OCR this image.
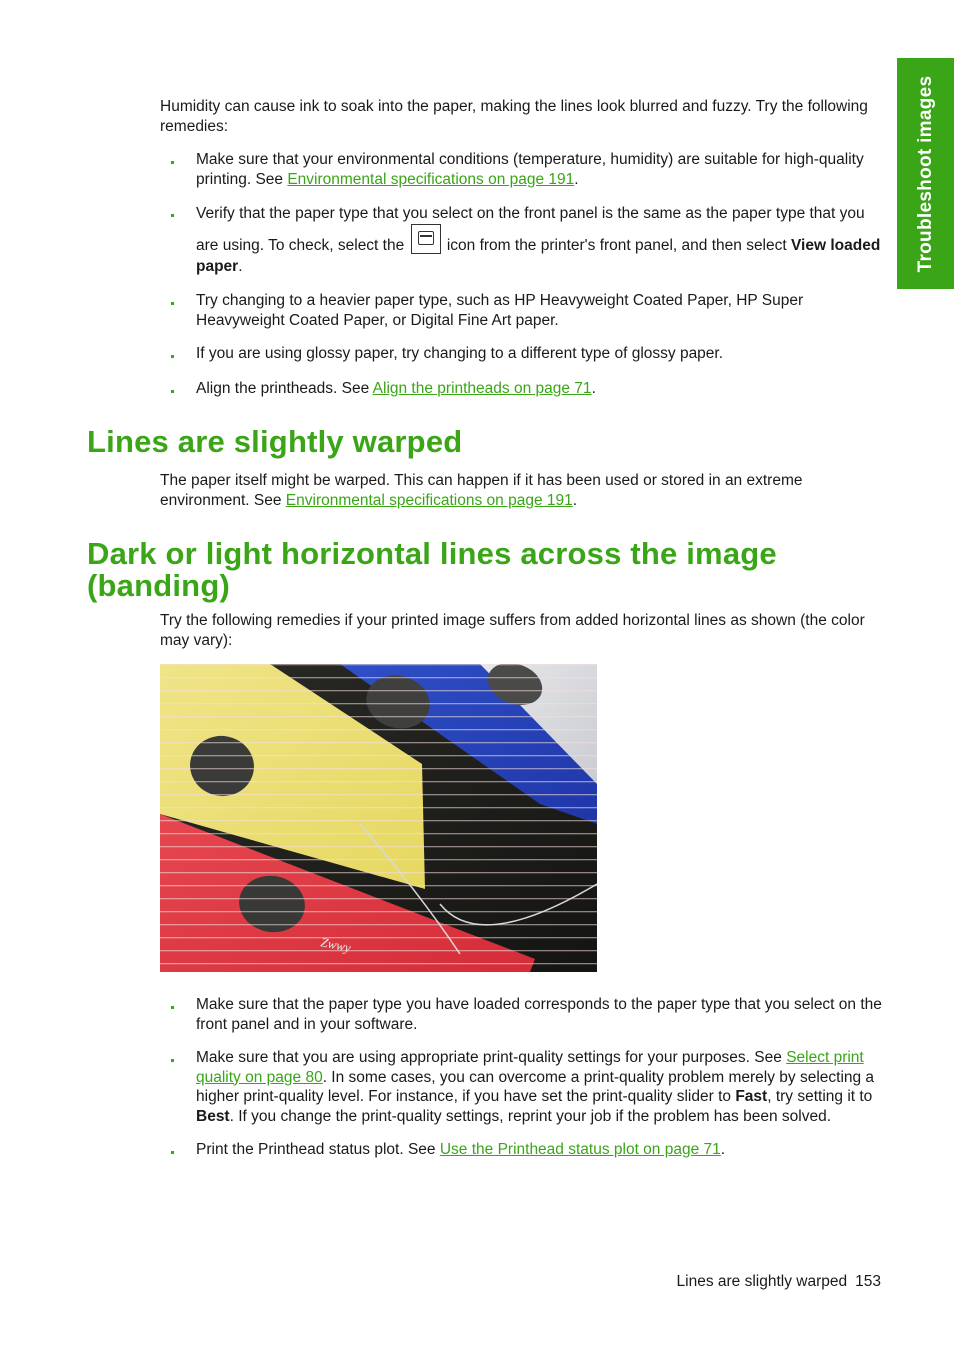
Troubleshoot images
Humidity can cause ink to soak into the paper, making the lines look blurred and fuzzy. Try the following remedies:
Make sure that your environmental conditions (temperature, humidity) are suitable for high-quality printing. See Environmental specifications on page 191.
Verify that the paper type that you select on the front panel is the same as the paper type that you are using. To check, select the  icon from the printer's front panel, and then select View loaded paper.
Try changing to a heavier paper type, such as HP Heavyweight Coated Paper, HP Super Heavyweight Coated Paper, or Digital Fine Art paper.
If you are using glossy paper, try changing to a different type of glossy paper.
Align the printheads. See Align the printheads on page 71.
Lines are slightly warped
The paper itself might be warped. This can happen if it has been used or stored in an extreme environment. See Environmental specifications on page 191.
Dark or light horizontal lines across the image (banding)
Try the following remedies if your printed image suffers from added horizontal lines as shown (the color may vary):
Make sure that the paper type you have loaded corresponds to the paper type that you select on the front panel and in your software.
Make sure that you are using appropriate print-quality settings for your purposes. See Select print quality on page 80. In some cases, you can overcome a print-quality problem merely by selecting a higher print-quality level. For instance, if you have set the print-quality slider to Fast, try setting it to Best. If you change the print-quality settings, reprint your job if the problem has been solved.
Print the Printhead status plot. See Use the Printhead status plot on page 71.
Lines are slightly warped 153
